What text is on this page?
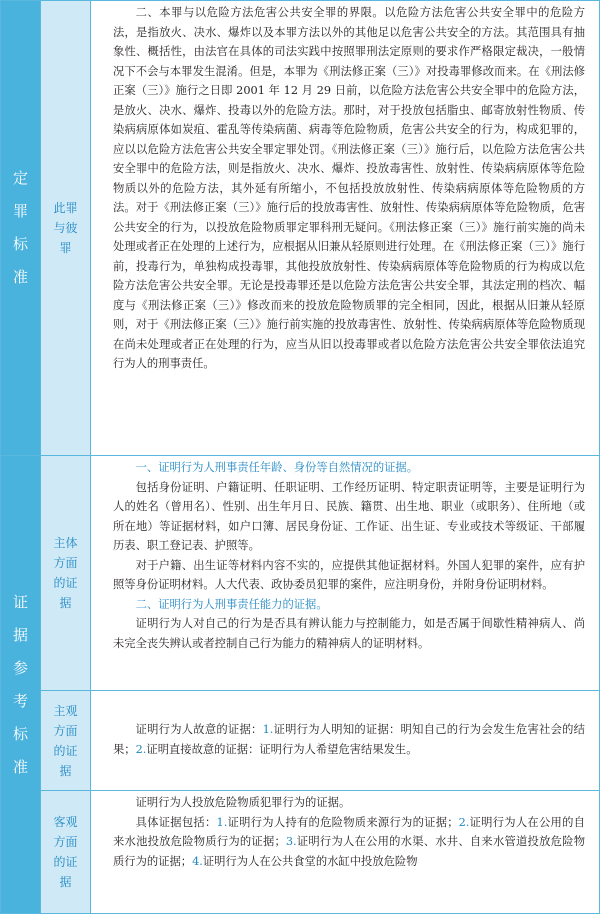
定罪标准	此罪与彼罪	二、本罪与以危险方法危害公共安全罪的界限。以危险方法危害公共安全罪中的危险方法，是指放火、决水、爆炸以及本罪方法以外的其他足以危害公共安全的方法。其范围具有抽象性、概括性，由法官在具体的司法实践中按照罪刑法定原则的要求作严格限定裁决，一般情况下不会与本罪发生混淆。但是，本罪为《刑法修正案（三）》对投毒罪修改而来。在《刑法修正案（三）》施行之日即 2001 年 12 月 29 日前，以危险方法危害公共安全罪中的危险方法，是放火、决水、爆炸、投毒以外的危险方法。那时，对于投放包括脂虫、邮寄放射性物质、传染病病原体如炭疽、霍乱等传染病菌、病毒等危险物质，危害公共安全的行为，构成犯罪的，应以以危险方法危害公共安全罪定罪处罚。《刑法修正案（三）》施行后，以危险方法危害公共安全罪中的危险方法，则是指放火、决水、爆炸、投放毒害性、放射性、传染病病原体等危险物质以外的危险方法，其外延有所缩小，不包括投放放射性、传染病病原体等危险物质的方法。对于《刑法修正案（三）》施行后的投放毒害性、放射性、传染病病原体等危险物质，危害公共安全的行为，以投放危险物质罪定罪科刑无疑问。《刑法修正案（三）》施行前实施的尚未处理或者正在处理的上述行为，应根据从旧兼从轻原则进行处理。在《刑法修正案（三）》施行前，投毒行为，单独构成投毒罪，其他投放放射性、传染病病原体等危险物质的行为构成以危险方法危害公共安全罪。无论是投毒罪还是以危险方法危害公共安全罪，其法定刑的档次、幅度与《刑法修正案（三）》修改而来的投放危险物质罪的完全相同，因此，根据从旧兼从轻原则，对于《刑法修正案（三）》施行前实施的投放毒害性、放射性、传染病病原体等危险物质现在尚未处理或者正在处理的行为，应当从旧以投毒罪或者以危险方法危害公共安全罪依法追究行为人的刑事责任。

证据参考标准	主体方面的证据	一、证明行为人刑事责任年龄、身份等自然情况的证据。

包括身份证明、户籍证明、任职证明、工作经历证明、特定职责证明等，主要是证明行为人的姓名（曾用名）、性别、出生年月日、民族、籍贯、出生地、职业（或职务）、住所地（或所在地）等证据材料，如户口簿、居民身份证、工作证、出生证、专业或技术等级证、干部履历表、职工登记表、护照等。

对于户籍、出生证等材料内容不实的，应提供其他证据材料。外国人犯罪的案件，应有护照等身份证明材料。人大代表、政协委员犯罪的案件，应注明身份，并附身份证明材料。

二、证明行为人刑事责任能力的证据。

证明行为人对自己的行为是否具有辨认能力与控制能力，如是否属于间歇性精神病人、尚未完全丧失辨认或者控制自己行为能力的精神病人的证明材料。

	主观方面的证据	证明行为人故意的证据：1.证明行为人明知的证据：明知自己的行为会发生危害社会的结果；2.证明直接故意的证据：证明行为人希望危害结果发生。

	客观方面的证据	证明行为人投放危险物质犯罪行为的证据。

具体证据包括：1.证明行为人持有的危险物质来源行为的证据；2.证明行为人在公用的自来水池投放危险物质行为的证据；3.证明行为人在公用的水渠、水井、自来水管道投放危险物质行为的证据；4.证明行为人在公共食堂的水缸中投放危险物
